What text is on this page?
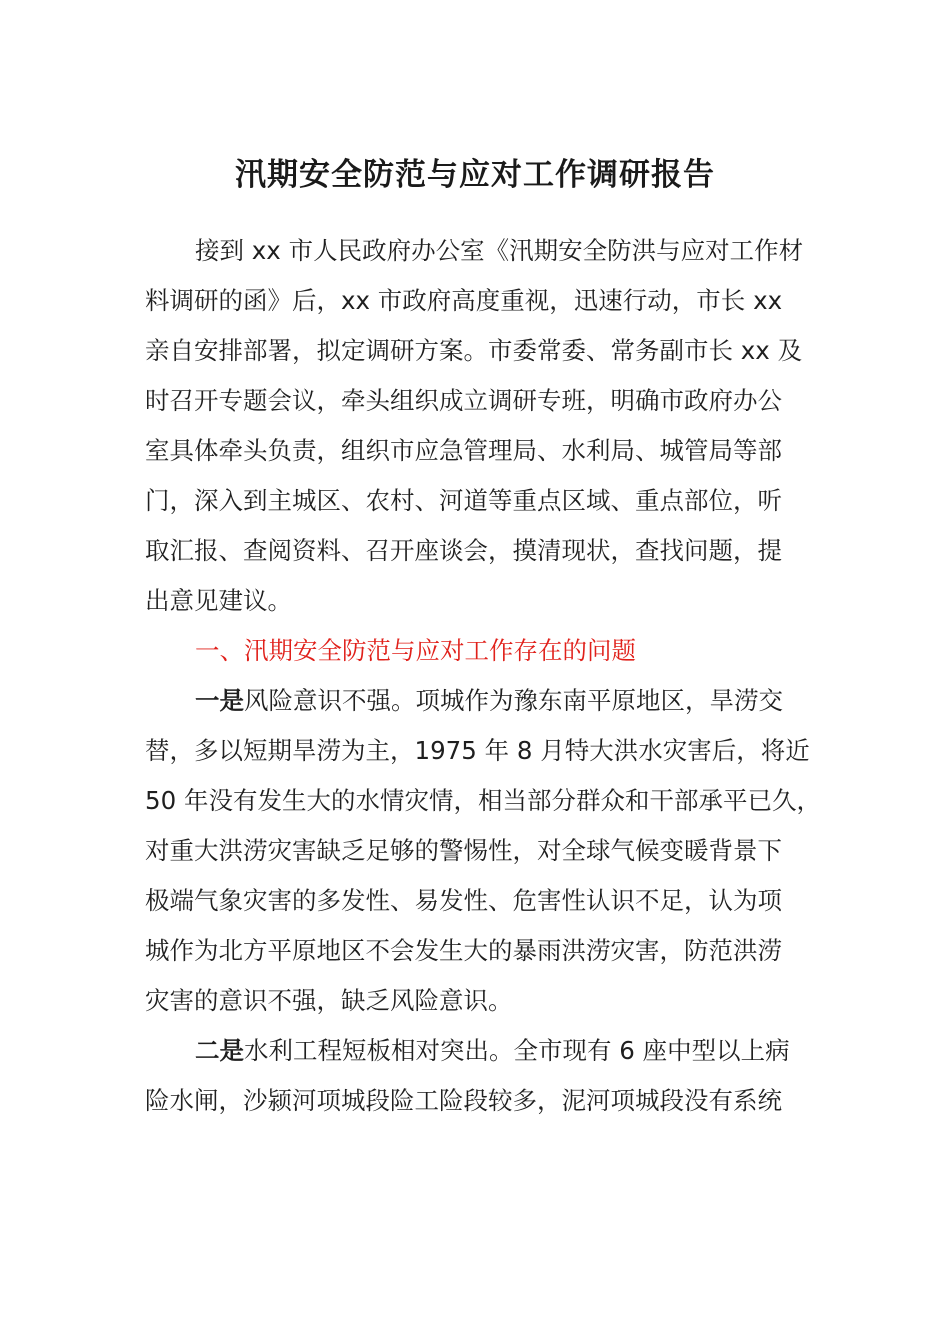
汛期安全防范与应对工作调研报告
接到 xx 市人民政府办公室《汛期安全防洪与应对工作材
料调研的函》后，xx 市政府高度重视，迅速行动，市长 xx
亲自安排部署，拟定调研方案。市委常委、常务副市长 xx 及
时召开专题会议，牵头组织成立调研专班，明确市政府办公
室具体牵头负责，组织市应急管理局、水利局、城管局等部
门，深入到主城区、农村、河道等重点区域、重点部位，听
取汇报、查阅资料、召开座谈会，摸清现状，查找问题，提
出意见建议。
一、汛期安全防范与应对工作存在的问题
一是风险意识不强。项城作为豫东南平原地区，旱涝交
替，多以短期旱涝为主，1975 年 8 月特大洪水灾害后，将近
50 年没有发生大的水情灾情，相当部分群众和干部承平已久，
对重大洪涝灾害缺乏足够的警惕性，对全球气候变暖背景下
极端气象灾害的多发性、易发性、危害性认识不足，认为项
城作为北方平原地区不会发生大的暴雨洪涝灾害，防范洪涝
灾害的意识不强，缺乏风险意识。
二是水利工程短板相对突出。全市现有 6 座中型以上病
险水闸，沙颍河项城段险工险段较多，泥河项城段没有系统
